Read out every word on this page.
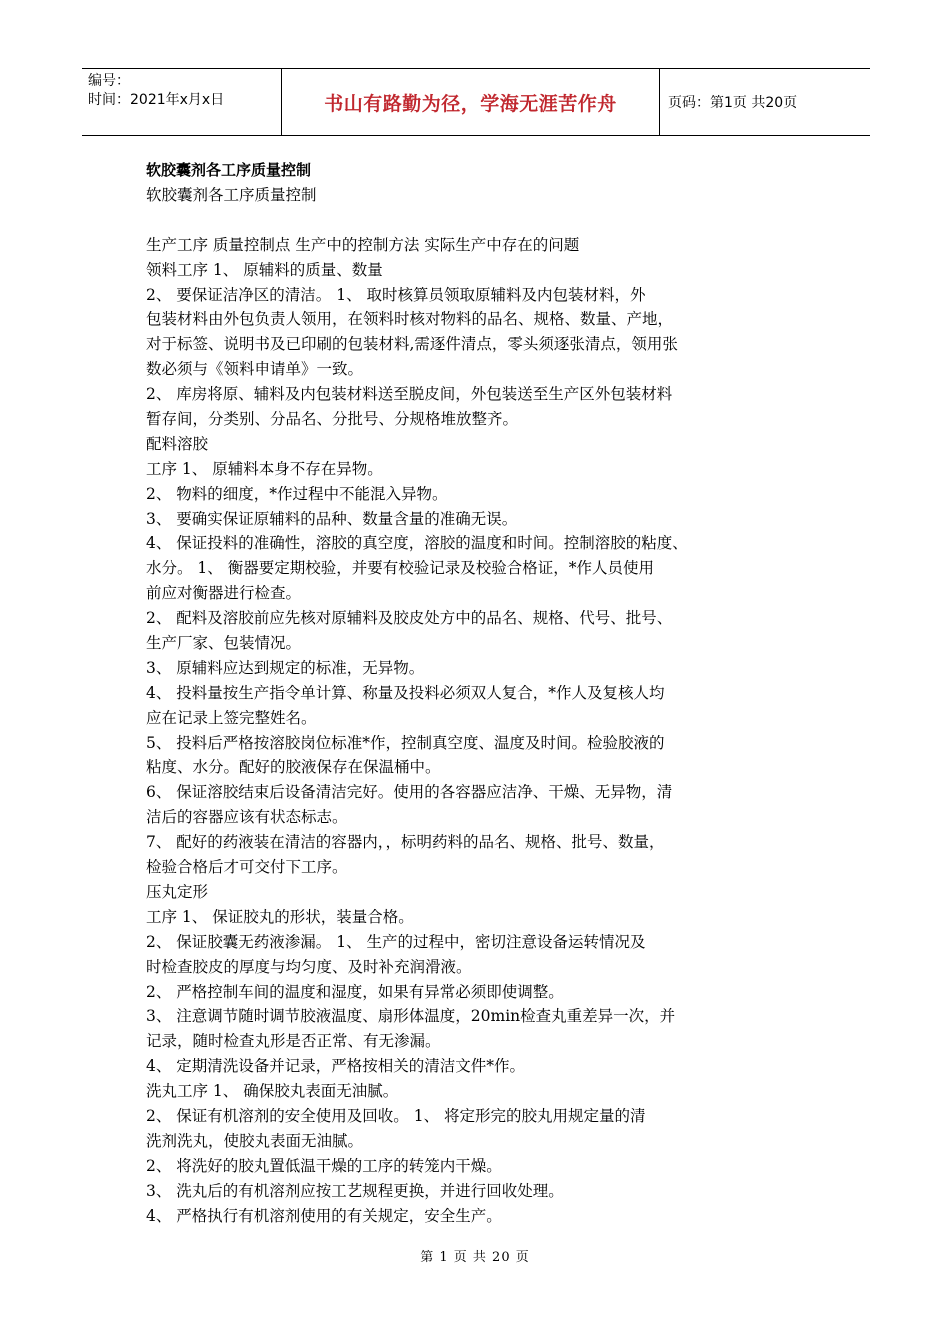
编号：
时间：2021年x月x日	书山有路勤为径，学海无涯苦作舟	页码：第1页 共20页
软胶囊剂各工序质量控制
软胶囊剂各工序质量控制
生产工序 质量控制点 生产中的控制方法 实际生产中存在的问题
领料工序 1、 原辅料的质量、数量
2、 要保证洁净区的清洁。 1、 取时核算员领取原辅料及内包装材料，外
包装材料由外包负责人领用，在领料时核对物料的品名、规格、数量、产地，
对于标签、说明书及已印刷的包装材料,需逐件清点，零头须逐张清点，领用张
数必须与《领料申请单》一致。
2、 库房将原、辅料及内包装材料送至脱皮间，外包装送至生产区外包装材料
暂存间，分类别、分品名、分批号、分规格堆放整齐。
配料溶胶
工序 1、 原辅料本身不存在异物。
2、 物料的细度，*作过程中不能混入异物。
3、 要确实保证原辅料的品种、数量含量的准确无误。
4、 保证投料的准确性，溶胶的真空度，溶胶的温度和时间。控制溶胶的粘度、
水分。 1、 衡器要定期校验，并要有校验记录及校验合格证，*作人员使用
前应对衡器进行检查。
2、 配料及溶胶前应先核对原辅料及胶皮处方中的品名、规格、代号、批号、
生产厂家、包装情况。
3、 原辅料应达到规定的标准，无异物。
4、 投料量按生产指令单计算、称量及投料必须双人复合，*作人及复核人均
应在记录上签完整姓名。
5、 投料后严格按溶胶岗位标准*作，控制真空度、温度及时间。检验胶液的
粘度、水分。配好的胶液保存在保温桶中。
6、 保证溶胶结束后设备清洁完好。使用的各容器应洁净、干燥、无异物，清
洁后的容器应该有状态标志。
7、 配好的药液装在清洁的容器内，，标明药料的品名、规格、批号、数量，
检验合格后才可交付下工序。
压丸定形
工序 1、 保证胶丸的形状，装量合格。
2、 保证胶囊无药液渗漏。 1、 生产的过程中，密切注意设备运转情况及
时检查胶皮的厚度与均匀度、及时补充润滑液。
2、 严格控制车间的温度和湿度，如果有异常必须即使调整。
3、 注意调节随时调节胶液温度、扇形体温度，20min检查丸重差异一次，并
记录，随时检查丸形是否正常、有无渗漏。
4、 定期清洗设备并记录，严格按相关的清洁文件*作。
洗丸工序 1、 确保胶丸表面无油腻。
2、 保证有机溶剂的安全使用及回收。 1、 将定形完的胶丸用规定量的清
洗剂洗丸，使胶丸表面无油腻。
2、 将洗好的胶丸置低温干燥的工序的转笼内干燥。
3、 洗丸后的有机溶剂应按工艺规程更换，并进行回收处理。
4、 严格执行有机溶剂使用的有关规定，安全生产。
第 1 页 共 20 页
